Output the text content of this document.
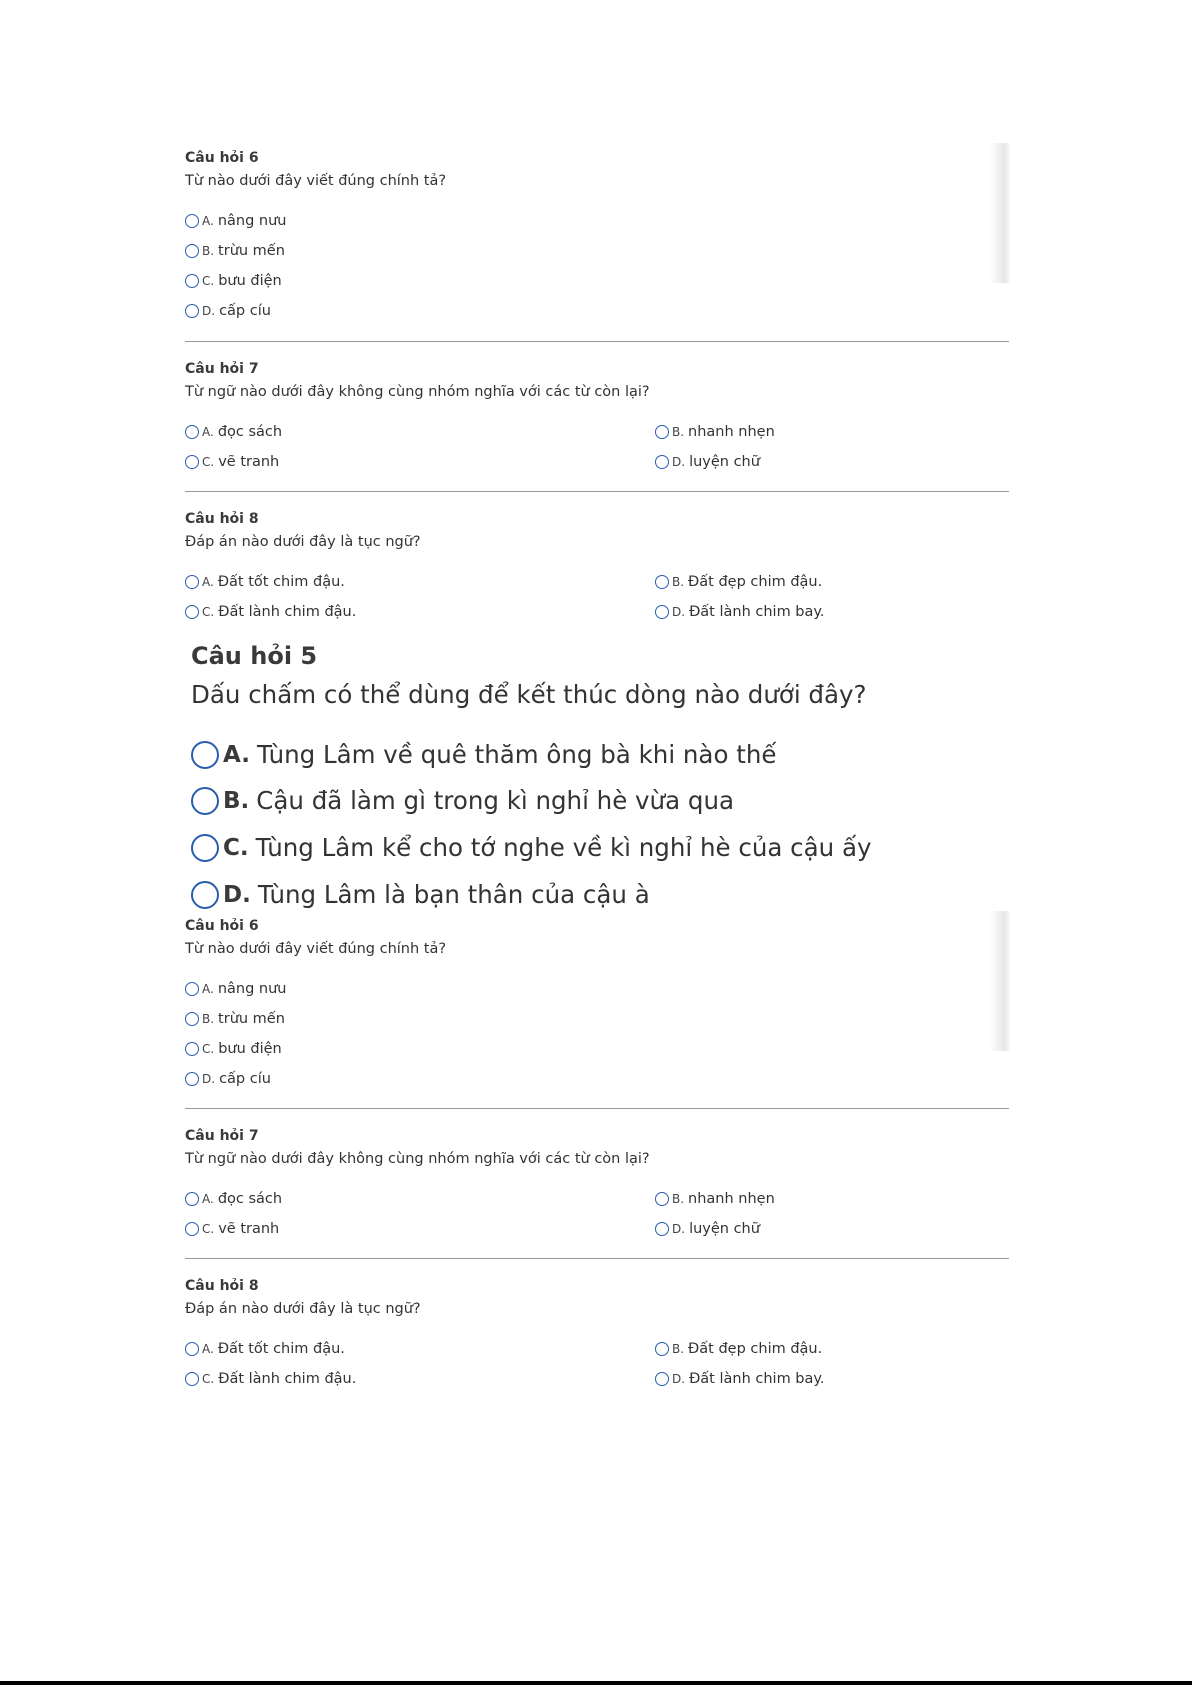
Câu hỏi 6
Từ nào dưới đây viết đúng chính tả?
A. nâng nưu
B. trừu mến
C. bưu điện
D. cấp cíu
Câu hỏi 7
Từ ngữ nào dưới đây không cùng nhóm nghĩa với các từ còn lại?
A. đọc sách	B. nhanh nhẹn
C. vẽ tranh	D. luyện chữ
Câu hỏi 8
Đáp án nào dưới đây là tục ngữ?
A. Đất tốt chim đậu.	B. Đất đẹp chim đậu.
C. Đất lành chim đậu.	D. Đất lành chim bay.
Câu hỏi 5
Dấu chấm có thể dùng để kết thúc dòng nào dưới đây?
A. Tùng Lâm về quê thăm ông bà khi nào thế
B. Cậu đã làm gì trong kì nghỉ hè vừa qua
C. Tùng Lâm kể cho tớ nghe về kì nghỉ hè của cậu ấy
D. Tùng Lâm là bạn thân của cậu à
Câu hỏi 6
Từ nào dưới đây viết đúng chính tả?
A. nâng nưu
B. trừu mến
C. bưu điện
D. cấp cíu
Câu hỏi 7
Từ ngữ nào dưới đây không cùng nhóm nghĩa với các từ còn lại?
A. đọc sách	B. nhanh nhẹn
C. vẽ tranh	D. luyện chữ
Câu hỏi 8
Đáp án nào dưới đây là tục ngữ?
A. Đất tốt chim đậu.	B. Đất đẹp chim đậu.
C. Đất lành chim đậu.	D. Đất lành chim bay.
